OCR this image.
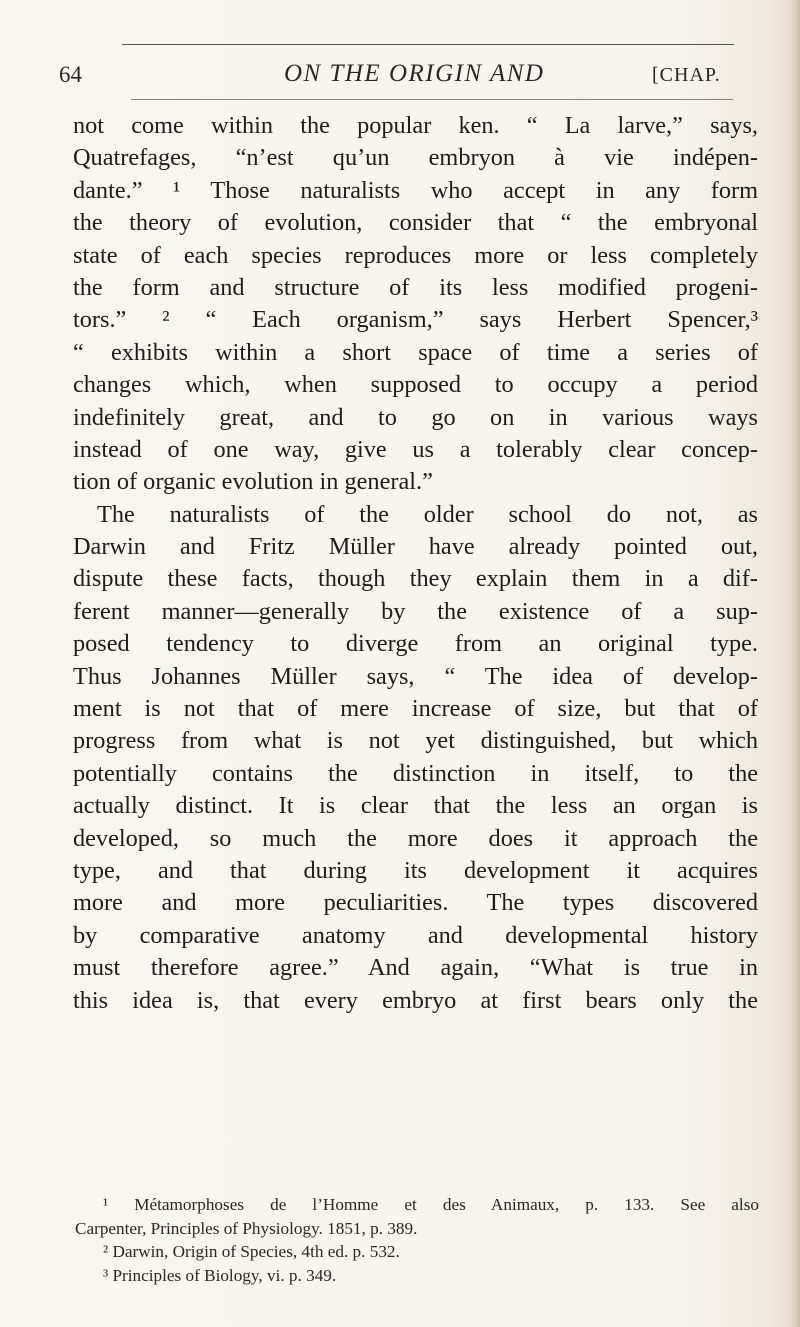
64	ON THE ORIGIN AND	[CHAP.
not come within the popular ken. “ La larve,” says,
Quatrefages, “n’est qu’un embryon à vie indépen-
dante.” ¹ Those naturalists who accept in any form
the theory of evolution, consider that “ the embryonal
state of each species reproduces more or less completely
the form and structure of its less modified progeni-
tors.” ² “ Each organism,” says Herbert Spencer,³
“ exhibits within a short space of time a series of
changes which, when supposed to occupy a period
indefinitely great, and to go on in various ways
instead of one way, give us a tolerably clear concep-
tion of organic evolution in general.”
The naturalists of the older school do not, as
Darwin and Fritz Müller have already pointed out,
dispute these facts, though they explain them in a dif-
ferent manner—generally by the existence of a sup-
posed tendency to diverge from an original type.
Thus Johannes Müller says, “ The idea of develop-
ment is not that of mere increase of size, but that of
progress from what is not yet distinguished, but which
potentially contains the distinction in itself, to the
actually distinct. It is clear that the less an organ is
developed, so much the more does it approach the
type, and that during its development it acquires
more and more peculiarities. The types discovered
by comparative anatomy and developmental history
must therefore agree.” And again, “What is true in
this idea is, that every embryo at first bears only the
¹ Métamorphoses de l’Homme et des Animaux, p. 133. See also
Carpenter, Principles of Physiology. 1851, p. 389.
² Darwin, Origin of Species, 4th ed. p. 532.
³ Principles of Biology, vi. p. 349.
